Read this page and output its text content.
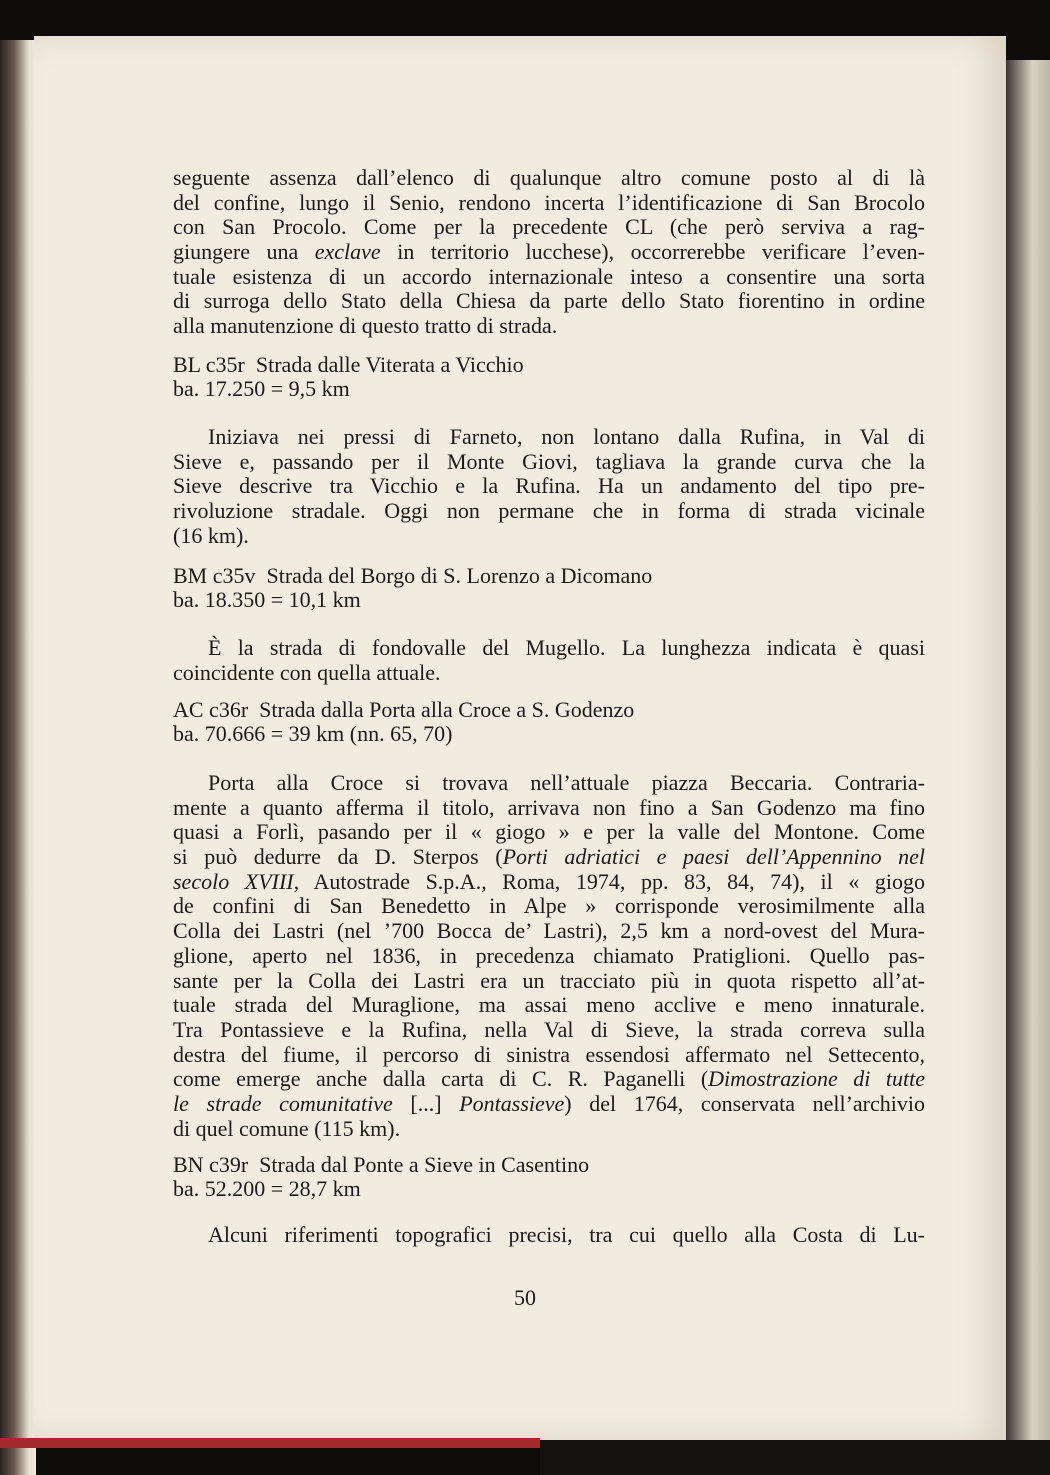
seguente assenza dall’elenco di qualunque altro comune posto al di là
del confine, lungo il Senio, rendono incerta l’identificazione di San Brocolo
con San Procolo. Come per la precedente CL (che però serviva a rag-
giungere una exclave in territorio lucchese), occorrerebbe verificare l’even-
tuale esistenza di un accordo internazionale inteso a consentire una sorta
di surroga dello Stato della Chiesa da parte dello Stato fiorentino in ordine
alla manutenzione di questo tratto di strada.
BL c35r  Strada dalle Viterata a Vicchio
ba. 17.250 = 9,5 km
Iniziava nei pressi di Farneto, non lontano dalla Rufina, in Val di
Sieve e, passando per il Monte Giovi, tagliava la grande curva che la
Sieve descrive tra Vicchio e la Rufina. Ha un andamento del tipo pre-
rivoluzione stradale. Oggi non permane che in forma di strada vicinale
(16 km).
BM c35v  Strada del Borgo di S. Lorenzo a Dicomano
ba. 18.350 = 10,1 km
È la strada di fondovalle del Mugello. La lunghezza indicata è quasi
coincidente con quella attuale.
AC c36r  Strada dalla Porta alla Croce a S. Godenzo
ba. 70.666 = 39 km (nn. 65, 70)
Porta alla Croce si trovava nell’attuale piazza Beccaria. Contraria-
mente a quanto afferma il titolo, arrivava non fino a San Godenzo ma fino
quasi a Forlì, pasando per il « giogo » e per la valle del Montone. Come
si può dedurre da D. Sterpos (Porti adriatici e paesi dell’Appennino nel
secolo XVIII, Autostrade S.p.A., Roma, 1974, pp. 83, 84, 74), il « giogo
de confini di San Benedetto in Alpe » corrisponde verosimilmente alla
Colla dei Lastri (nel ’700 Bocca de’ Lastri), 2,5 km a nord-ovest del Mura-
glione, aperto nel 1836, in precedenza chiamato Pratiglioni. Quello pas-
sante per la Colla dei Lastri era un tracciato più in quota rispetto all’at-
tuale strada del Muraglione, ma assai meno acclive e meno innaturale.
Tra Pontassieve e la Rufina, nella Val di Sieve, la strada correva sulla
destra del fiume, il percorso di sinistra essendosi affermato nel Settecento,
come emerge anche dalla carta di C. R. Paganelli (Dimostrazione di tutte
le strade comunitative [...] Pontassieve) del 1764, conservata nell’archivio
di quel comune (115 km).
BN c39r  Strada dal Ponte a Sieve in Casentino
ba. 52.200 = 28,7 km
Alcuni riferimenti topografici precisi, tra cui quello alla Costa di Lu-
50
